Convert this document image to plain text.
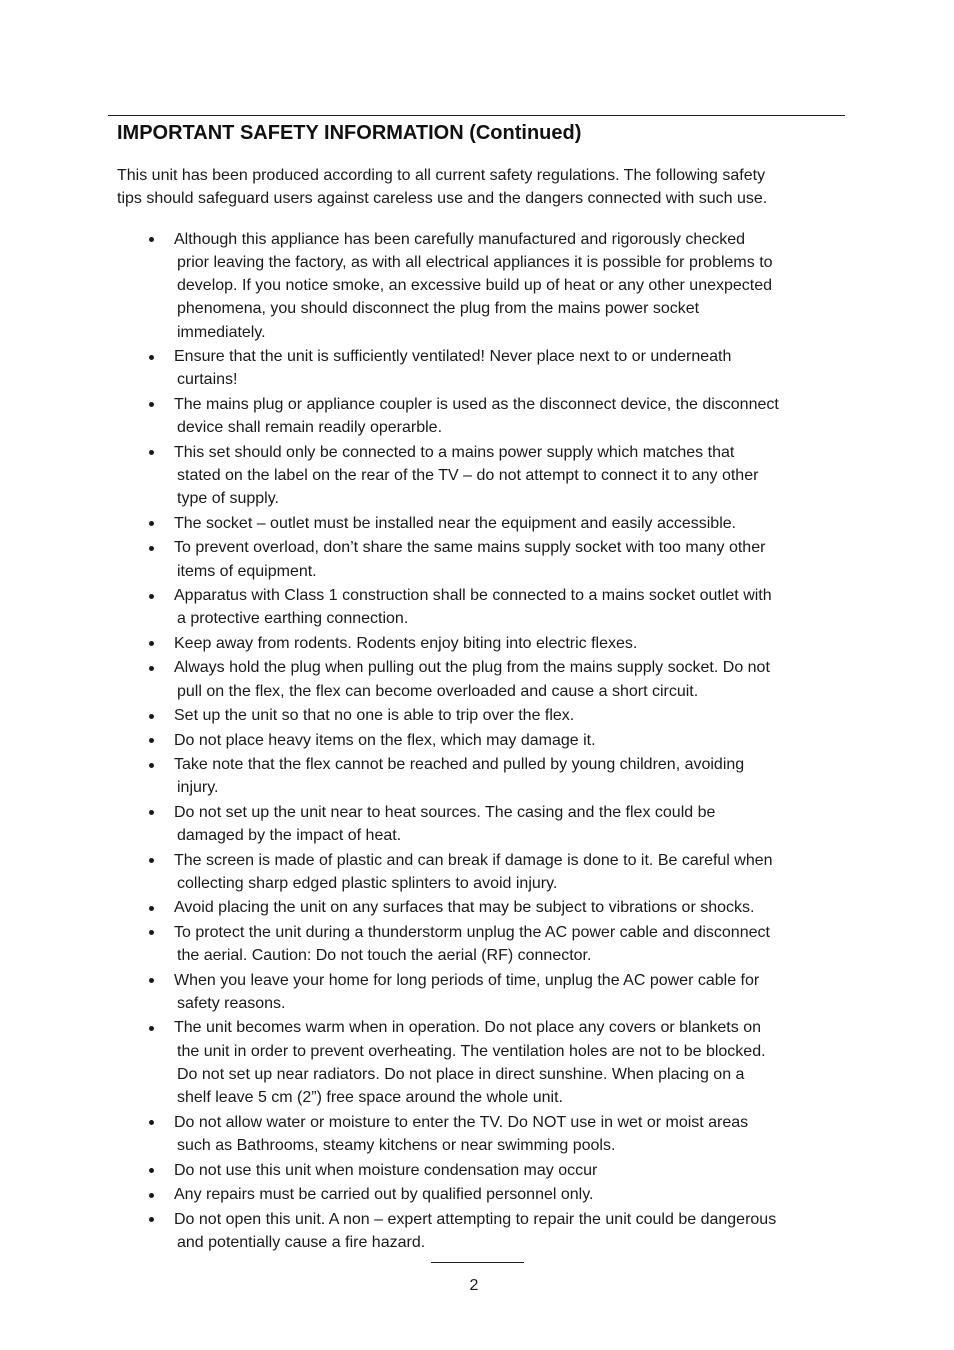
IMPORTANT SAFETY INFORMATION (Continued)
This unit has been produced according to all current safety regulations. The following safety
tips should safeguard users against careless use and the dangers connected with such use.
Although this appliance has been carefully manufactured and rigorously checked
prior leaving the factory, as with all electrical appliances it is possible for problems to
develop. If you notice smoke, an excessive build up of heat or any other unexpected
phenomena, you should disconnect the plug from the mains power socket
immediately.
Ensure that the unit is sufficiently ventilated! Never place next to or underneath
curtains!
The mains plug or appliance coupler is used as the disconnect device, the disconnect
device shall remain readily operarble.
This set should only be connected to a mains power supply which matches that
stated on the label on the rear of the TV – do not attempt to connect it to any other
type of supply.
The socket – outlet must be installed near the equipment and easily accessible.
To prevent overload, don’t share the same mains supply socket with too many other
items of equipment.
Apparatus with Class 1 construction shall be connected to a mains socket outlet with
a protective earthing connection.
Keep away from rodents. Rodents enjoy biting into electric flexes.
Always hold the plug when pulling out the plug from the mains supply socket. Do not
pull on the flex, the flex can become overloaded and cause a short circuit.
Set up the unit so that no one is able to trip over the flex.
Do not place heavy items on the flex, which may damage it.
Take note that the flex cannot be reached and pulled by young children, avoiding
injury.
Do not set up the unit near to heat sources. The casing and the flex could be
damaged by the impact of heat.
The screen is made of plastic and can break if damage is done to it. Be careful when
collecting sharp edged plastic splinters to avoid injury.
Avoid placing the unit on any surfaces that may be subject to vibrations or shocks.
To protect the unit during a thunderstorm unplug the AC power cable and disconnect
the aerial. Caution: Do not touch the aerial (RF) connector.
When you leave your home for long periods of time, unplug the AC power cable for
safety reasons.
The unit becomes warm when in operation. Do not place any covers or blankets on
the unit in order to prevent overheating. The ventilation holes are not to be blocked.
Do not set up near radiators. Do not place in direct sunshine. When placing on a
shelf leave 5 cm (2”) free space around the whole unit.
Do not allow water or moisture to enter the TV. Do NOT use in wet or moist areas
such as Bathrooms, steamy kitchens or near swimming pools.
Do not use this unit when moisture condensation may occur
Any repairs must be carried out by qualified personnel only.
Do not open this unit. A non – expert attempting to repair the unit could be dangerous
and potentially cause a fire hazard.
2
